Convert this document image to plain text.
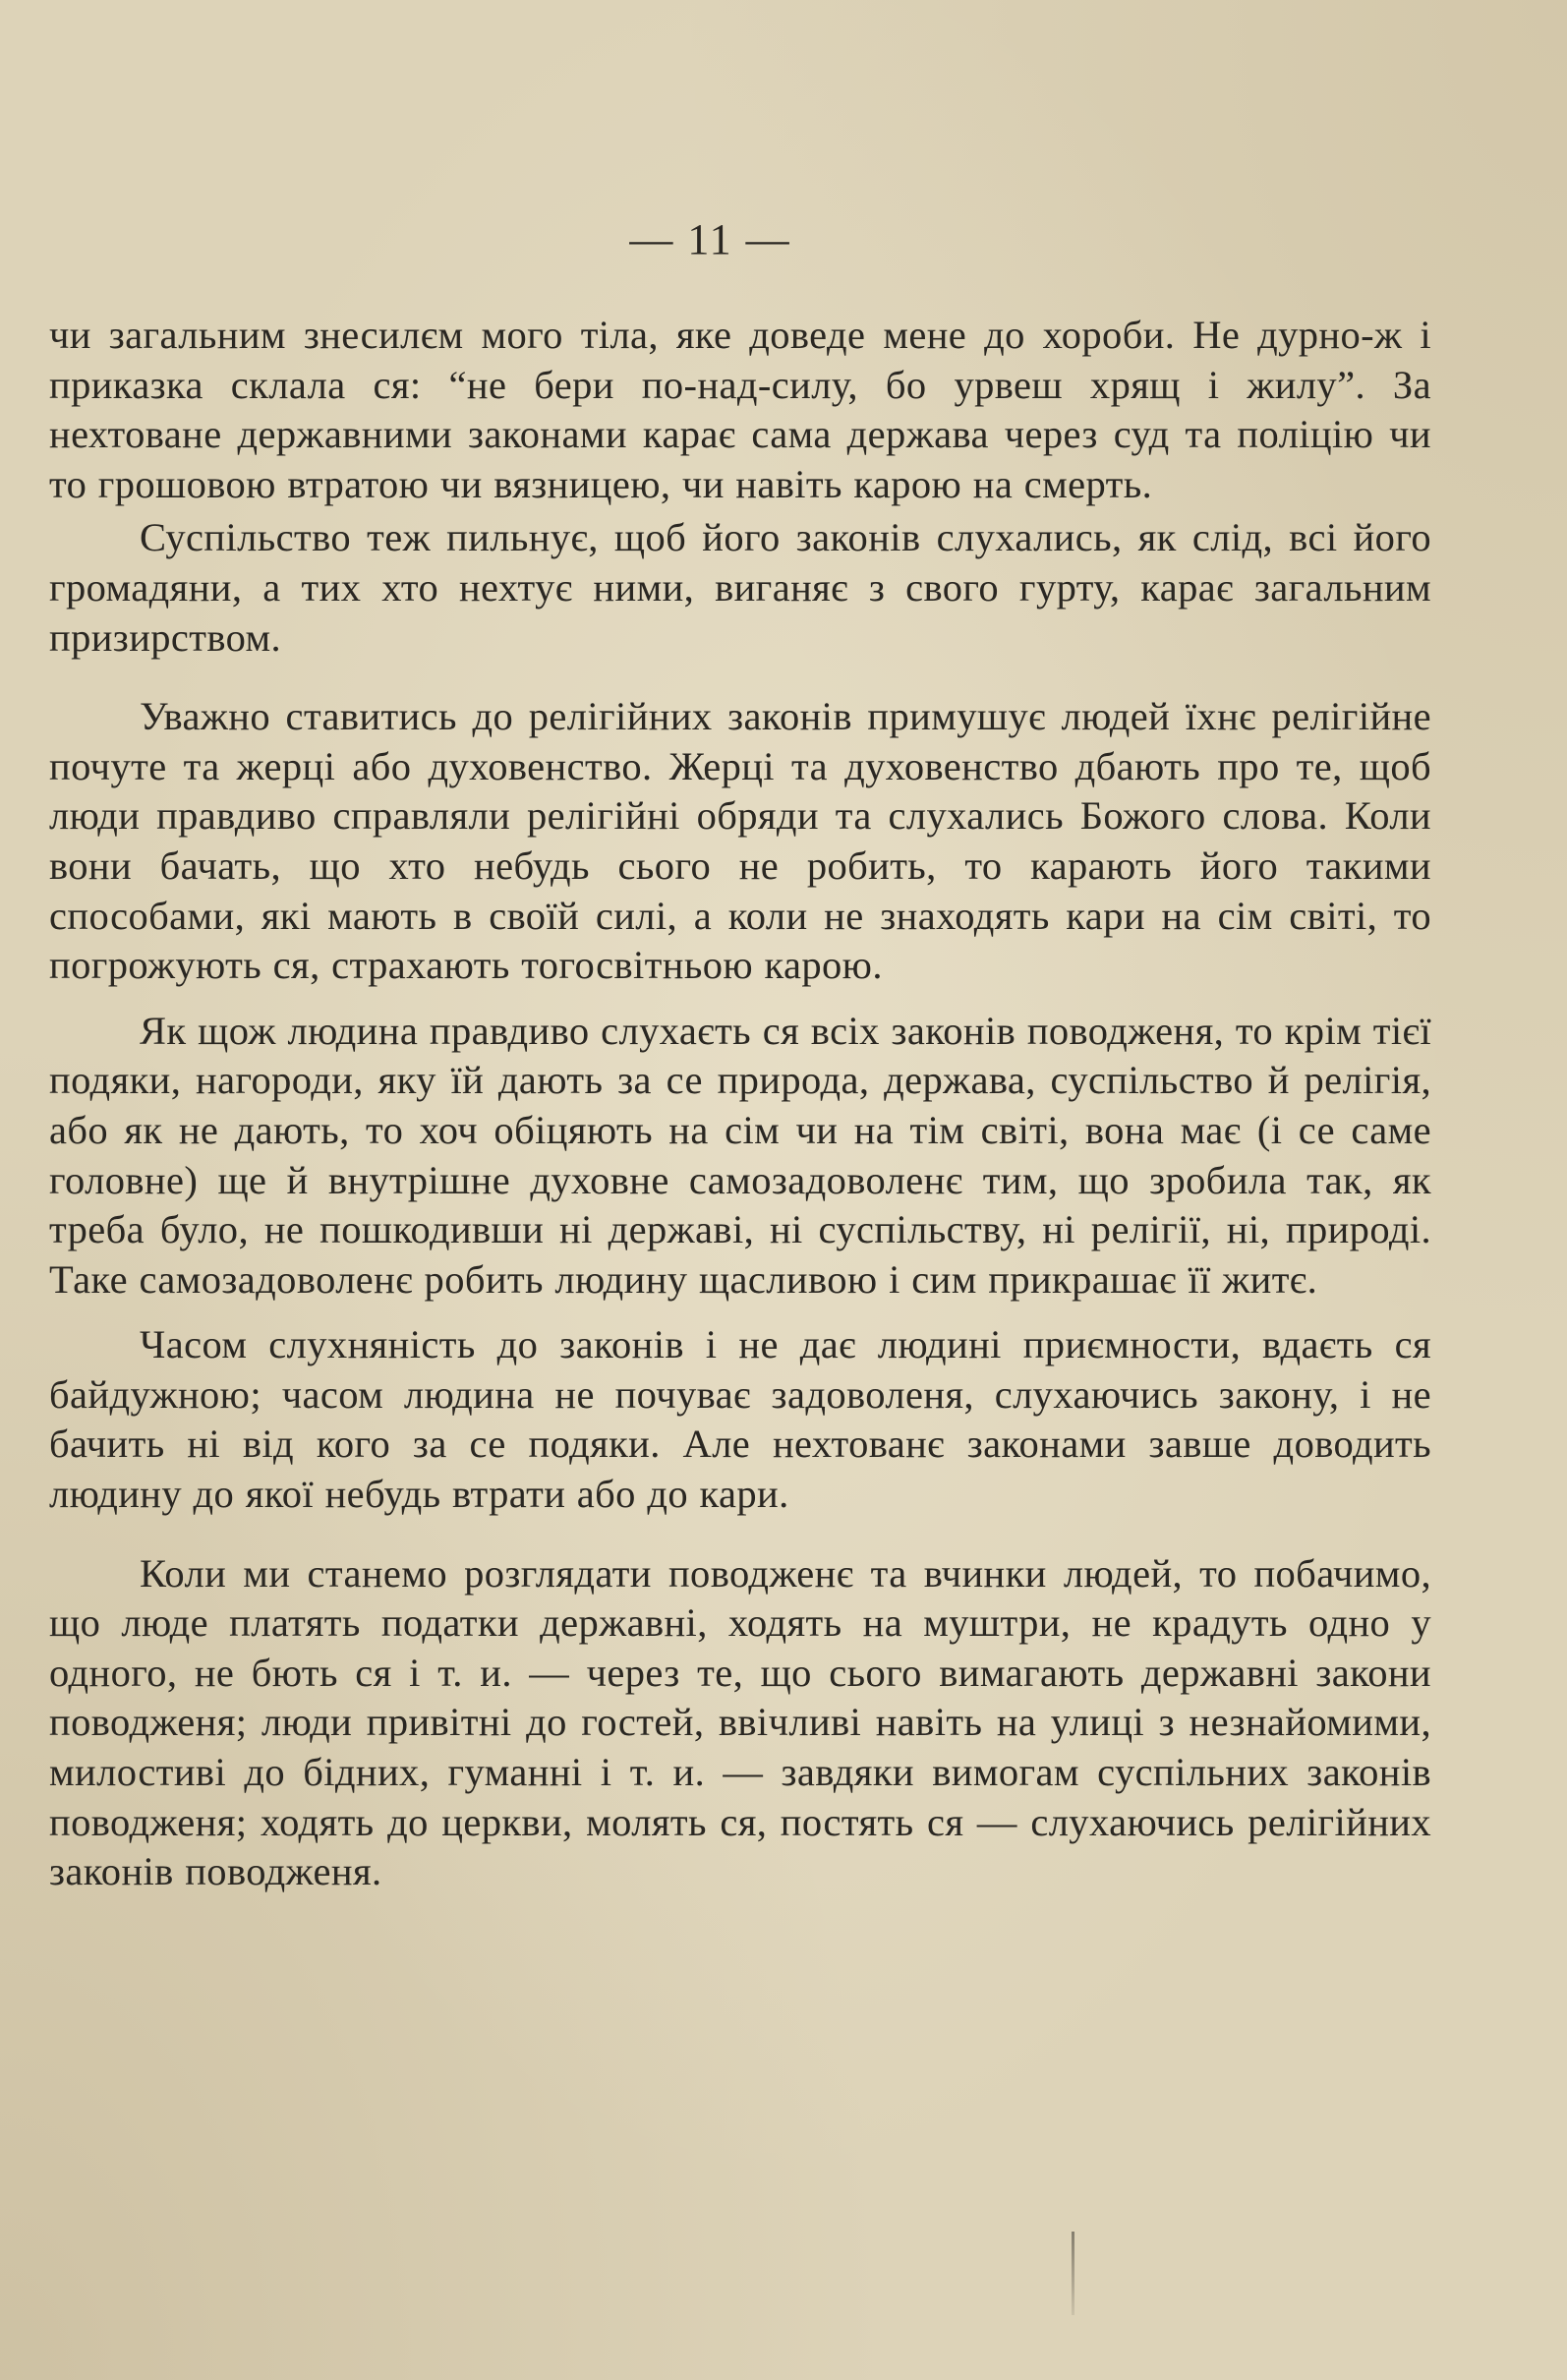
— 11 —

чи загальним знесилєм мого тіла, яке доведе мене до хороби. Не дурно-ж і приказка склала ся: “не бери по-над-силу, бо урвеш хрящ і жилу”. За нехтоване державними законами карає сама держава через суд та поліцію чи то грошовою втратою чи вязницею, чи навіть карою на смерть.

Суспільство теж пильнує, щоб його законів слухались, як слід, всі його громадяни, а тих хто нехтує ними, виганяє з свого гурту, карає загальним призирством.

Уважно ставитись до релігійних законів примушує людей їхнє релігійне почуте та жерці або духовенство. Жерці та духовенство дбають про те, щоб люди правдиво справляли релігійні обряди та слухались Божого слова. Коли вони бачать, що хто небудь сього не робить, то карають його такими способами, які мають в своїй силі, а коли не знаходять кари на сім світі, то погрожують ся, страхають тогосвітньою карою.

Як щож людина правдиво слухаєть ся всіх законів поводженя, то крім тієї подяки, нагороди, яку їй дають за се природа, держава, суспільство й релігія, або як не дають, то хоч обіцяють на сім чи на тім світі, вона має (і се саме головне) ще й внутрішне духовне самозадоволенє тим, що зробила так, як треба було, не пошкодивши ні державі, ні суспільству, ні релігії, ні, природі. Таке самозадоволенє робить людину щасливою і сим прикрашає її житє.

Часом слухняність до законів і не дає людині приємности, вдаєть ся байдужною; часом людина не почуває задоволеня, слухаючись закону, і не бачить ні від кого за се подяки. Але нехтованє законами завше доводить людину до якої небудь втрати або до кари.

Коли ми станемо розглядати поводженє та вчинки людей, то побачимо, що люде платять податки державні, ходять на муштри, не крадуть одно у одного, не бють ся і т. и. — через те, що сього вимагають державні закони поводженя; люди привітні до гостей, ввічливі навіть на улиці з незнайомими, милостиві до бідних, гуманні і т. и. — завдяки вимогам суспільних законів поводженя; ходять до церкви, молять ся, постять ся — слухаючись релігійних законів поводженя.
